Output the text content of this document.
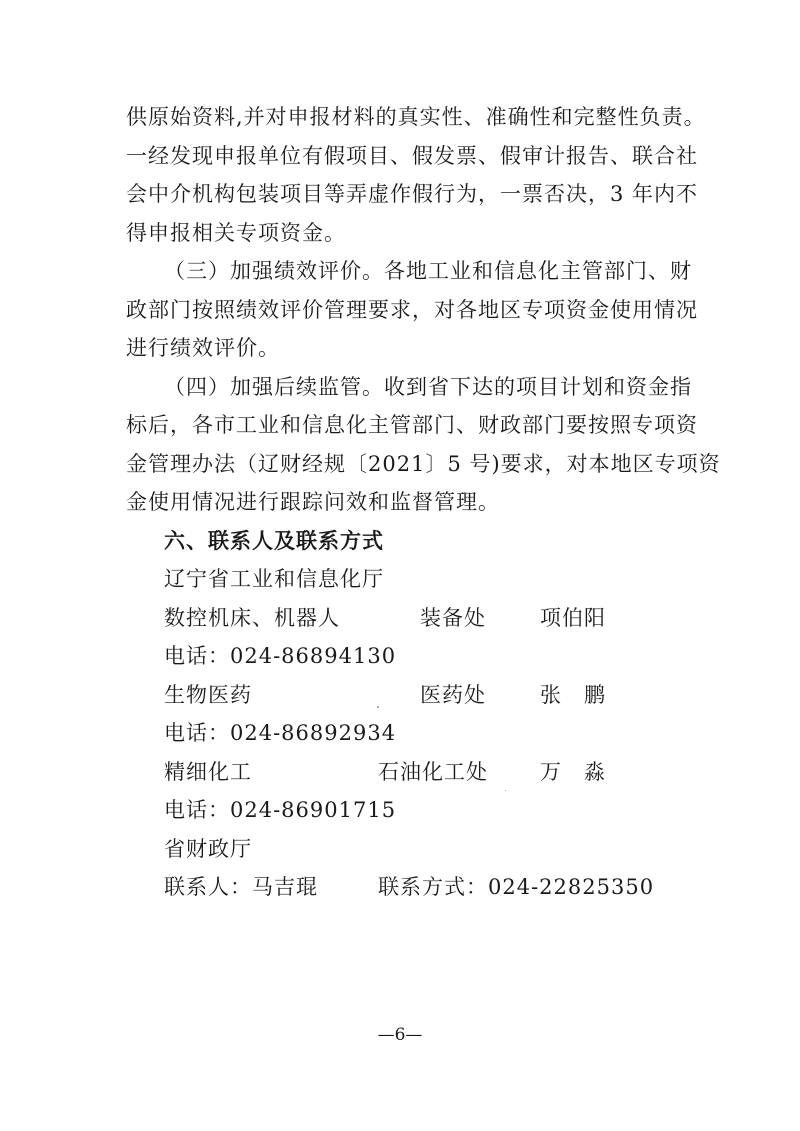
供原始资料,并对申报材料的真实性、准确性和完整性负责。
一经发现申报单位有假项目、假发票、假审计报告、联合社
会中介机构包装项目等弄虚作假行为，一票否决，3 年内不
得申报相关专项资金。
（三）加强绩效评价。各地工业和信息化主管部门、财
政部门按照绩效评价管理要求，对各地区专项资金使用情况
进行绩效评价。
（四）加强后续监管。收到省下达的项目计划和资金指
标后，各市工业和信息化主管部门、财政部门要按照专项资
金管理办法（辽财经规〔2021〕5 号)要求，对本地区专项资
金使用情况进行跟踪问效和监督管理。
六、联系人及联系方式
辽宁省工业和信息化厅
数控机床、机器人	装备处	项伯阳
电话：024-86894130
生物医药	医药处	张　鹏
电话：024-86892934
精细化工	石油化工处 万　淼
电话：024-86901715
省财政厅
联系人：马吉琨	联系方式：024-22825350
—6—
